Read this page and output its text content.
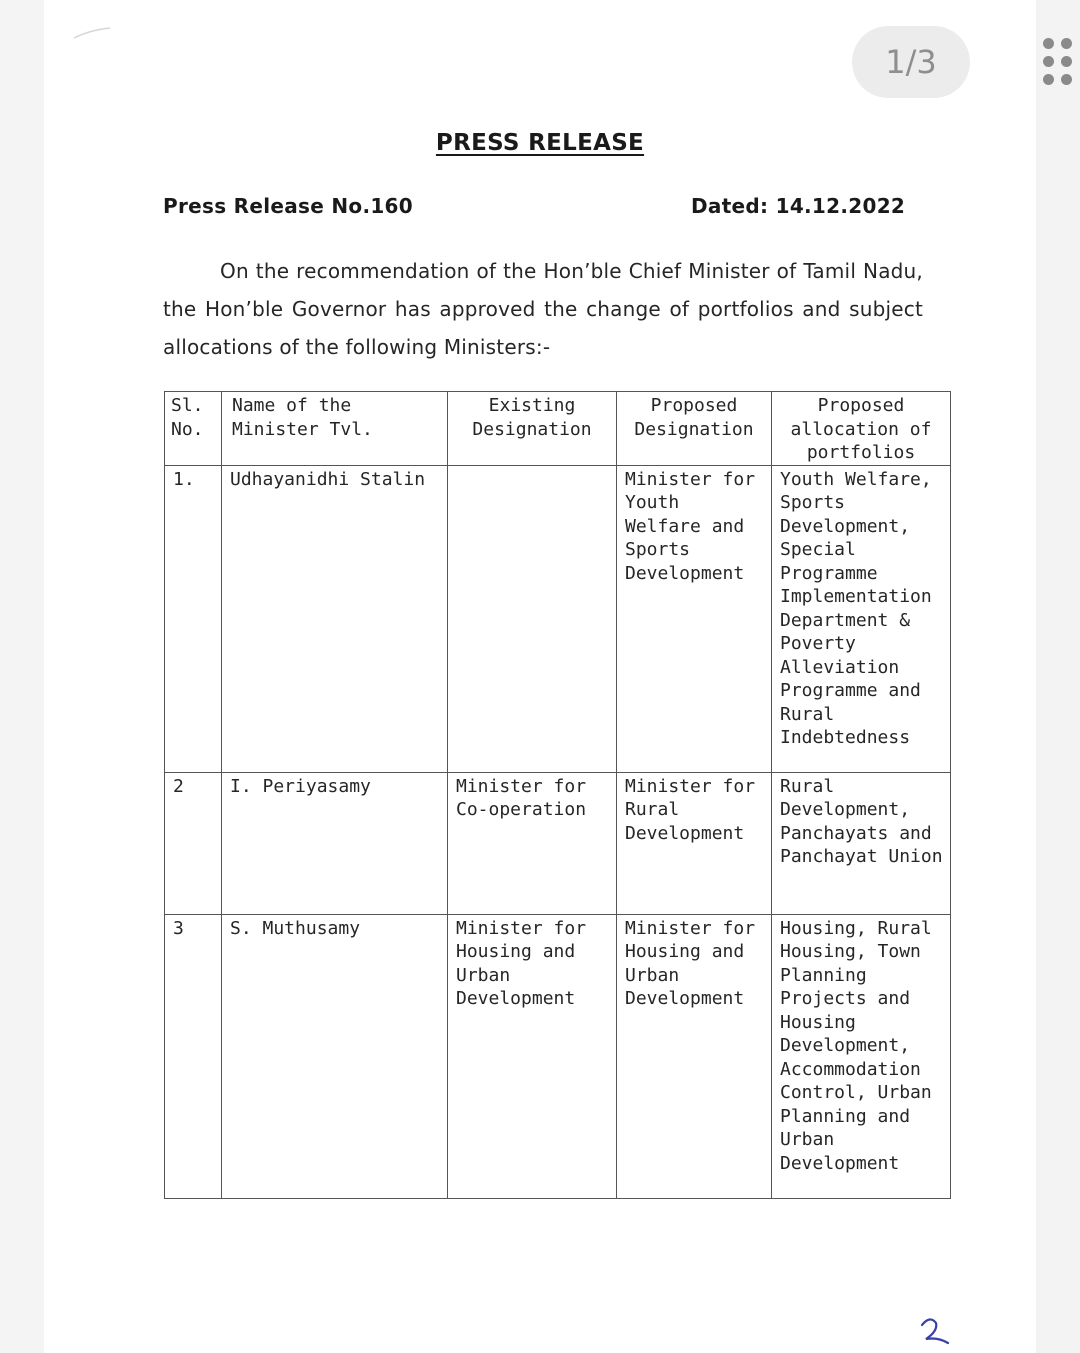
1/3
PRESS RELEASE
Press Release No.160	Dated: 14.12.2022
On the recommendation of the Hon’ble Chief Minister of Tamil Nadu, the Hon’ble Governor has approved the change of portfolios and subject allocations of the following Ministers:-
Sl. No.	Name of the Minister Tvl.	Existing Designation	Proposed Designation	Proposed allocation of portfolios
1.	Udhayanidhi Stalin		Minister for Youth Welfare and Sports Development	Youth Welfare, Sports Development, Special Programme Implementation Department & Poverty Alleviation Programme and Rural Indebtedness
2	I. Periyasamy	Minister for Co-operation	Minister for Rural Development	Rural Development, Panchayats and Panchayat Union
3	S. Muthusamy	Minister for Housing and Urban Development	Minister for Housing and Urban Development	Housing, Rural Housing, Town Planning Projects and Housing Development, Accommodation Control, Urban Planning and Urban Development
